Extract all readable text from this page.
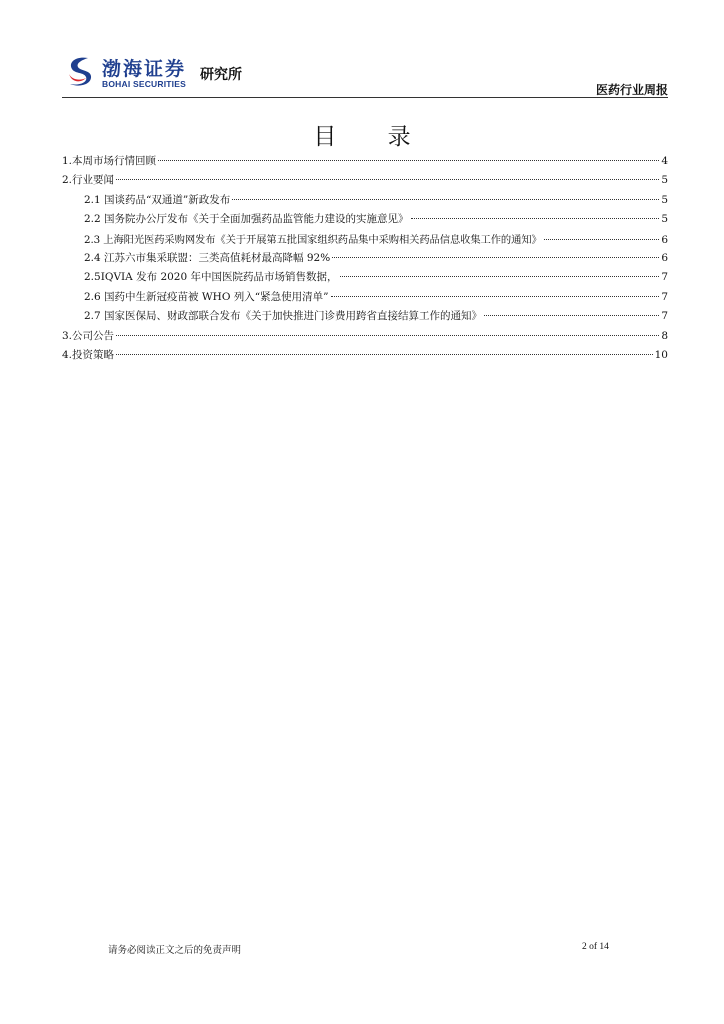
渤海证券
BOHAI SECURITIES
研究所
医药行业周报
目 录
1.本周市场行情回顾	4
2.行业要闻	5
2.1 国谈药品“双通道”新政发布	5
2.2 国务院办公厅发布《关于全面加强药品监管能力建设的实施意见》	5
2.3 上海阳光医药采购网发布《关于开展第五批国家组织药品集中采购相关药品信息收集工作的通知》	6
2.4 江苏六市集采联盟：三类高值耗材最高降幅 92%	6
2.5IQVIA 发布 2020 年中国医院药品市场销售数据，	7
2.6 国药中生新冠疫苗被 WHO 列入“紧急使用清单”	7
2.7 国家医保局、财政部联合发布《关于加快推进门诊费用跨省直接结算工作的通知》	7
3.公司公告	8
4.投资策略	10
请务必阅读正文之后的免责声明	2 of 14
